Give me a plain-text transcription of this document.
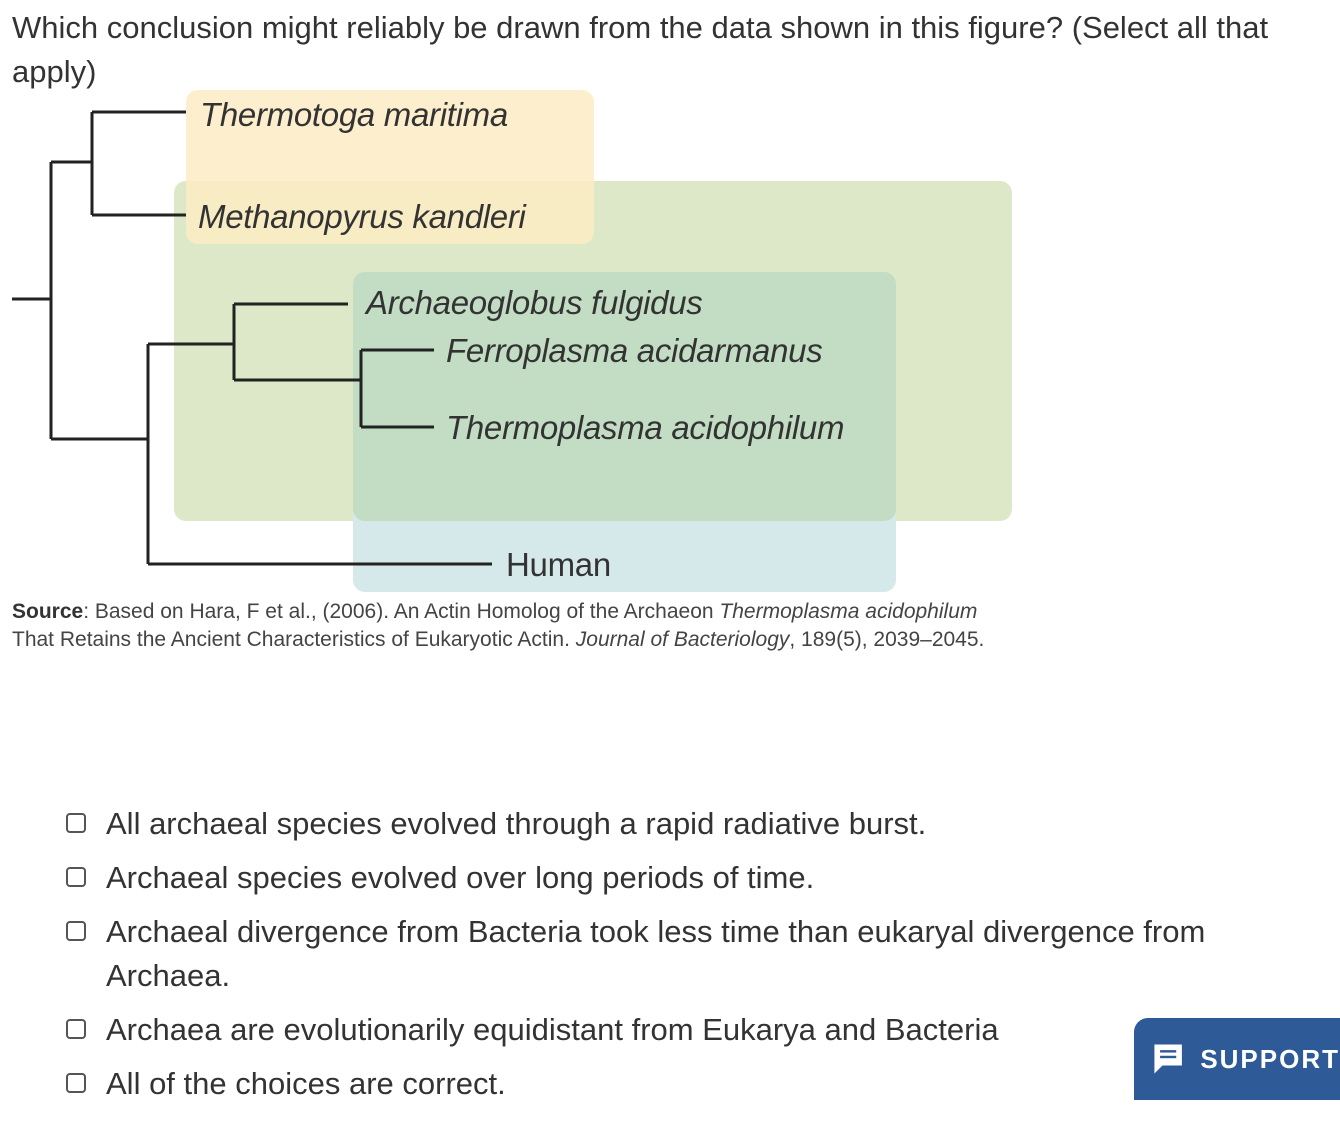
Which conclusion might reliably be drawn from the data shown in this figure? (Select all that apply)
Thermotoga maritima
Methanopyrus kandleri
Archaeoglobus fulgidus
Ferroplasma acidarmanus
Thermoplasma acidophilum
Human
Source: Based on Hara, F et al., (2006). An Actin Homolog of the Archaeon Thermoplasma acidophilum That Retains the Ancient Characteristics of Eukaryotic Actin. Journal of Bacteriology, 189(5), 2039–2045.
All archaeal species evolved through a rapid radiative burst.
Archaeal species evolved over long periods of time.
Archaeal divergence from Bacteria took less time than eukaryal divergence from Archaea.
Archaea are evolutionarily equidistant from Eukarya and Bacteria
All of the choices are correct.
SUPPORT
